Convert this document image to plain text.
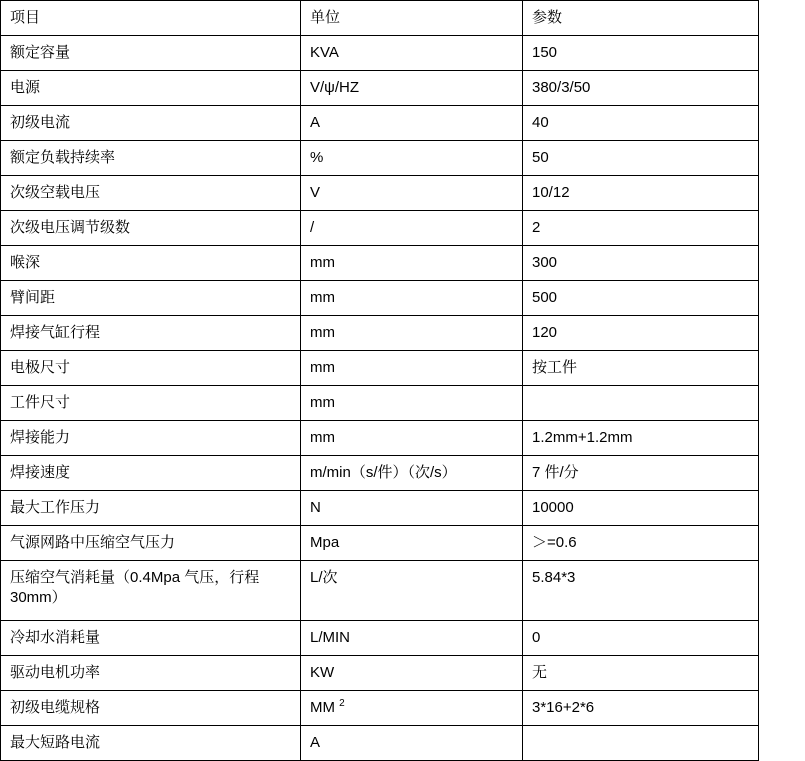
项目	单位	参数
额定容量	KVA	150
电源	V/ψ/HZ	380/3/50
初级电流	A	40
额定负载持续率	%	50
次级空载电压	V	10/12
次级电压调节级数	/	2
喉深	mm	300
臂间距	mm	500
焊接气缸行程	mm	120
电极尺寸	mm	按工件
工件尺寸	mm	
焊接能力	mm	1.2mm+1.2mm
焊接速度	m/min（s/件）（次/s）	7 件/分
最大工作压力	N	10000
气源网路中压缩空气压力	Mpa	＞=0.6
压缩空气消耗量（0.4Mpa 气压，行程 30mm）	L/次	5.84*3
冷却水消耗量	L/MIN	0
驱动电机功率	KW	无
初级电缆规格	MM $^2$	3*16+2*6
最大短路电流	A	
